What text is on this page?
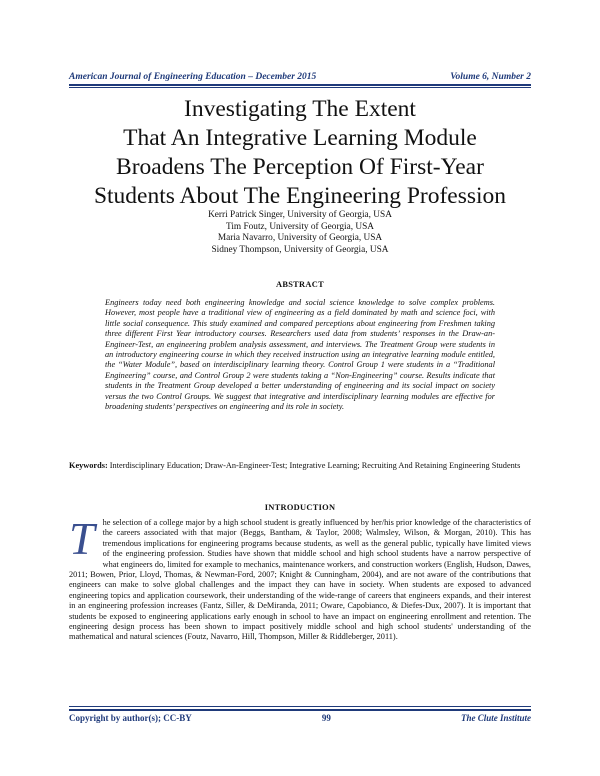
American Journal of Engineering Education – December 2015	Volume 6, Number 2
Investigating The Extent
That An Integrative Learning Module
Broadens The Perception Of First-Year
Students About The Engineering Profession
Kerri Patrick Singer, University of Georgia, USA
Tim Foutz, University of Georgia, USA
Maria Navarro, University of Georgia, USA
Sidney Thompson, University of Georgia, USA
ABSTRACT
Engineers today need both engineering knowledge and social science knowledge to solve complex problems. However, most people have a traditional view of engineering as a field dominated by math and science foci, with little social consequence. This study examined and compared perceptions about engineering from Freshmen taking three different First Year introductory courses. Researchers used data from students’ responses in the Draw-an-Engineer-Test, an engineering problem analysis assessment, and interviews. The Treatment Group were students in an introductory engineering course in which they received instruction using an integrative learning module entitled, the “Water Module”, based on interdisciplinary learning theory. Control Group 1 were students in a “Traditional Engineering” course, and Control Group 2 were students taking a “Non-Engineering” course. Results indicate that students in the Treatment Group developed a better understanding of engineering and its social impact on society versus the two Control Groups. We suggest that integrative and interdisciplinary learning modules are effective for broadening students’ perspectives on engineering and its role in society.
Keywords: Interdisciplinary Education; Draw-An-Engineer-Test; Integrative Learning; Recruiting And Retaining Engineering Students
INTRODUCTION
The selection of a college major by a high school student is greatly influenced by her/his prior knowledge of the characteristics of the careers associated with that major (Beggs, Bantham, & Taylor, 2008; Walmsley, Wilson, & Morgan, 2010). This has tremendous implications for engineering programs because students, as well as the general public, typically have limited views of the engineering profession. Studies have shown that middle school and high school students have a narrow perspective of what engineers do, limited for example to mechanics, maintenance workers, and construction workers (English, Hudson, Dawes, 2011; Bowen, Prior, Lloyd, Thomas, & Newman-Ford, 2007; Knight & Cunningham, 2004), and are not aware of the contributions that engineers can make to solve global challenges and the impact they can have in society. When students are exposed to advanced engineering topics and application coursework, their understanding of the wide-range of careers that engineers expands, and their interest in an engineering profession increases (Fantz, Siller, & DeMiranda, 2011; Oware, Capobianco, & Diefes-Dux, 2007). It is important that students be exposed to engineering applications early enough in school to have an impact on engineering enrollment and retention. The engineering design process has been shown to impact positively middle school and high school students' understanding of the mathematical and natural sciences (Foutz, Navarro, Hill, Thompson, Miller & Riddleberger, 2011).
Copyright by author(s); CC-BY	99	The Clute Institute
